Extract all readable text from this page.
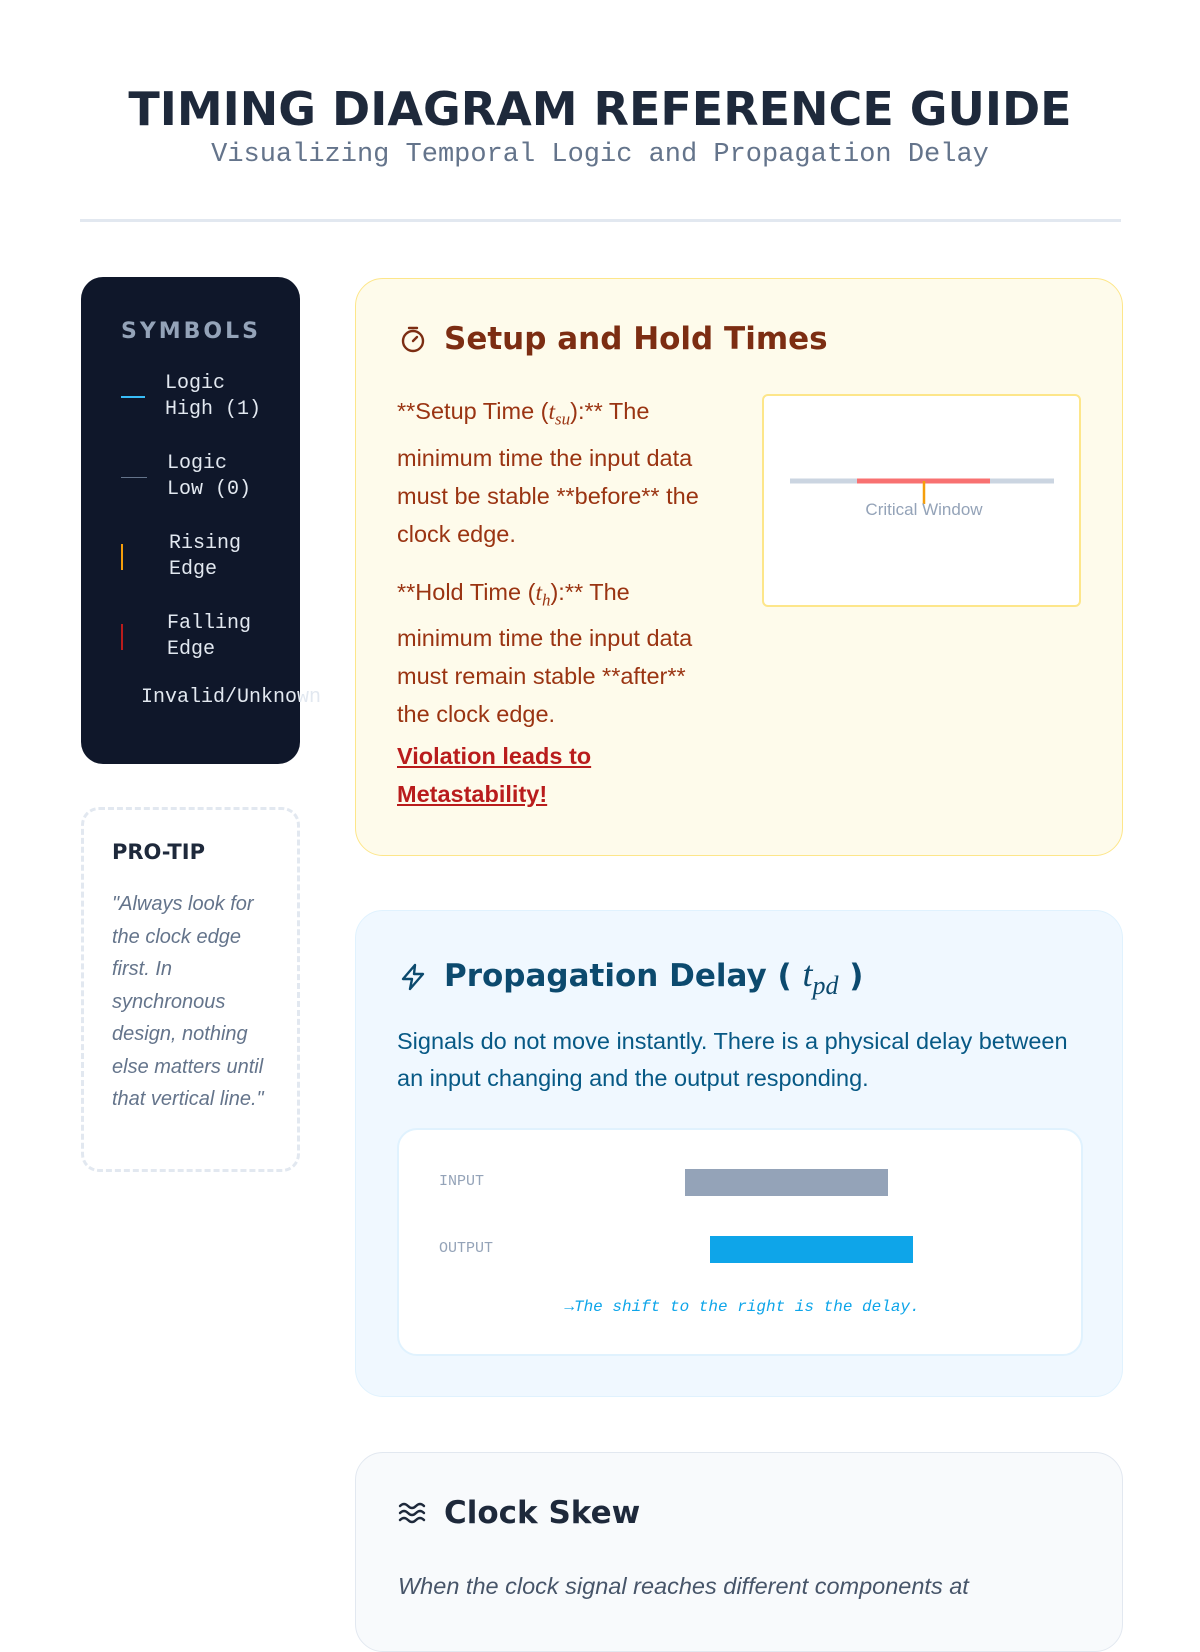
TIMING DIAGRAM REFERENCE GUIDE
Visualizing Temporal Logic and Propagation Delay
SYMBOLS
Logic
High (1)
Logic
Low (0)
Rising
Edge
Falling
Edge
Invalid/Unknown
PRO-TIP
"Always look for the clock edge first. In synchronous design, nothing else matters until that vertical line."
Setup and Hold Times

**Setup Time $(t_{su}):**$ The minimum time the input data must be stable **before** the clock edge.

**Hold Time $(t_h):**$ The minimum time the input data must remain stable **after** the clock edge.

Violation leads to Metastability!
Critical Window
Propagation Delay ( $t_{pd}$ )
Signals do not move instantly. There is a physical delay between an input changing and the output responding.
INPUT
OUTPUT
→The shift to the right is the delay.
Clock Skew
When the clock signal reaches different components at
